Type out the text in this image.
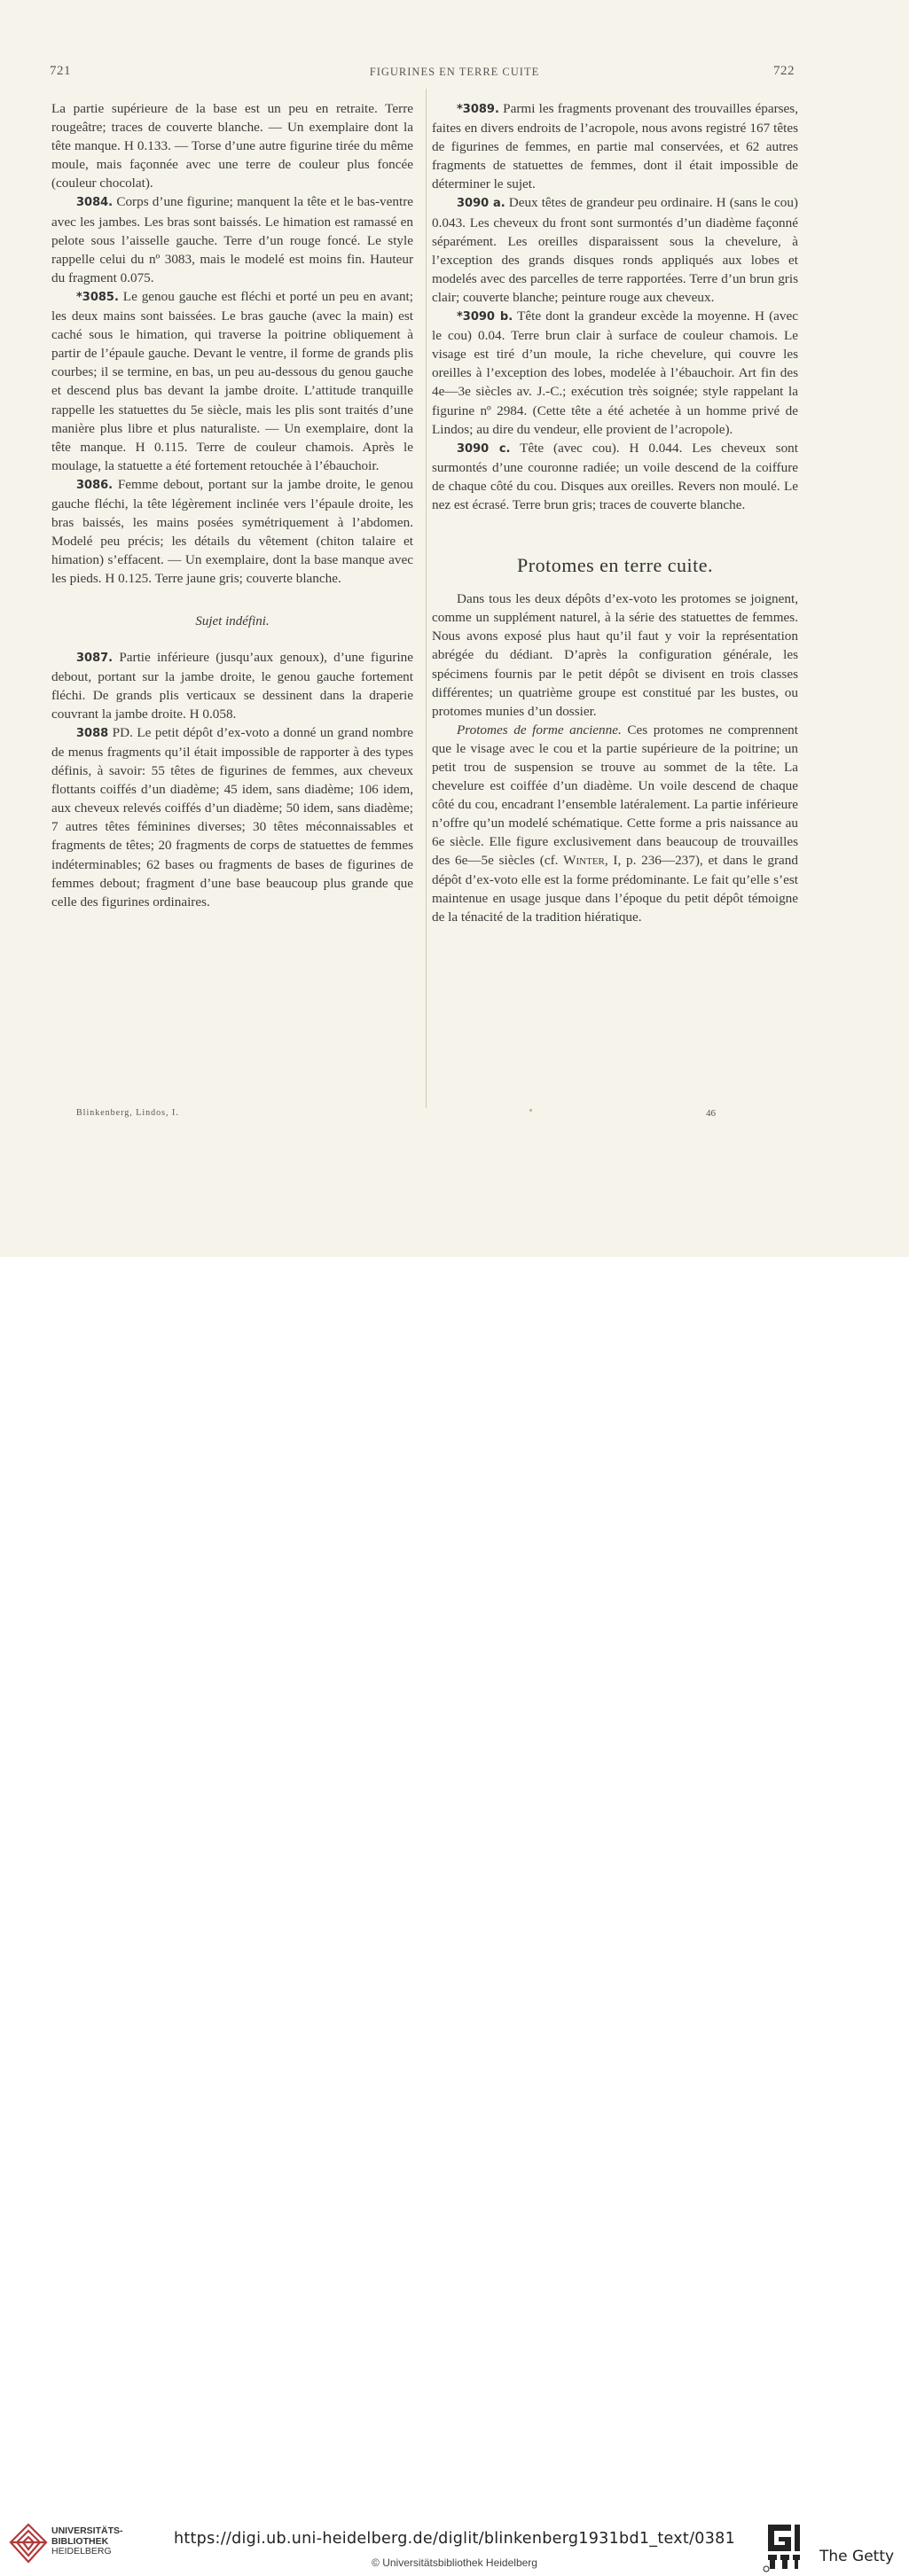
721	FIGURINES EN TERRE CUITE	722

La partie supérieure de la base est un peu en retraite. Terre rougeâtre; traces de couverte blanche. — Un exemplaire dont la tête manque. H 0.133. — Torse d’une autre figurine tirée du même moule, mais façonnée avec une terre de couleur plus foncée (couleur chocolat).

3084. Corps d’une figurine; manquent la tête et le bas-ventre avec les jambes. Les bras sont baissés. Le himation est ramassé en pelote sous l’aisselle gauche. Terre d’un rouge foncé. Le style rappelle celui du nº 3083, mais le modelé est moins fin. Hauteur du fragment 0.075.

*3085. Le genou gauche est fléchi et porté un peu en avant; les deux mains sont baissées. Le bras gauche (avec la main) est caché sous le himation, qui traverse la poitrine obliquement à partir de l’épaule gauche. Devant le ventre, il forme de grands plis courbes; il se termine, en bas, un peu au-dessous du genou gauche et descend plus bas devant la jambe droite. L’attitude tranquille rappelle les statuettes du 5e siècle, mais les plis sont traités d’une manière plus libre et plus naturaliste. — Un exemplaire, dont la tête manque. H 0.115. Terre de couleur chamois. Après le moulage, la statuette a été fortement retouchée à l’ébauchoir.

3086. Femme debout, portant sur la jambe droite, le genou gauche fléchi, la tête légèrement inclinée vers l’épaule droite, les bras baissés, les mains posées symétriquement à l’abdomen. Modelé peu précis; les détails du vêtement (chiton talaire et himation) s’effacent. — Un exemplaire, dont la base manque avec les pieds. H 0.125. Terre jaune gris; couverte blanche.

Sujet indéfini.

3087. Partie inférieure (jusqu’aux genoux), d’une figurine debout, portant sur la jambe droite, le genou gauche fortement fléchi. De grands plis verticaux se dessinent dans la draperie couvrant la jambe droite. H 0.058.

3088 PD. Le petit dépôt d’ex-voto a donné un grand nombre de menus fragments qu’il était impossible de rapporter à des types définis, à savoir: 55 têtes de figurines de femmes, aux cheveux flottants coiffés d’un diadème; 45 idem, sans diadème; 106 idem, aux cheveux relevés coiffés d’un diadème; 50 idem, sans diadème; 7 autres têtes féminines diverses; 30 têtes méconnaissables et fragments de têtes; 20 fragments de corps de statuettes de femmes indéterminables; 62 bases ou fragments de bases de figurines de femmes debout; fragment d’une base beaucoup plus grande que celle des figurines ordinaires.

*3089. Parmi les fragments provenant des trouvailles éparses, faites en divers endroits de l’acropole, nous avons registré 167 têtes de figurines de femmes, en partie mal conservées, et 62 autres fragments de statuettes de femmes, dont il était impossible de déterminer le sujet.

3090 a. Deux têtes de grandeur peu ordinaire. H (sans le cou) 0.043. Les cheveux du front sont surmontés d’un diadème façonné séparément. Les oreilles disparaissent sous la chevelure, à l’exception des grands disques ronds appliqués aux lobes et modelés avec des parcelles de terre rapportées. Terre d’un brun gris clair; couverte blanche; peinture rouge aux cheveux.

*3090 b. Tête dont la grandeur excède la moyenne. H (avec le cou) 0.04. Terre brun clair à surface de couleur chamois. Le visage est tiré d’un moule, la riche chevelure, qui couvre les oreilles à l’exception des lobes, modelée à l’ébauchoir. Art fin des 4e—3e siècles av. J.-C.; exécution très soignée; style rappelant la figurine nº 2984. (Cette tête a été achetée à un homme privé de Lindos; au dire du vendeur, elle provient de l’acropole).

3090 c. Tête (avec cou). H 0.044. Les cheveux sont surmontés d’une couronne radiée; un voile descend de la coiffure de chaque côté du cou. Disques aux oreilles. Revers non moulé. Le nez est écrasé. Terre brun gris; traces de couverte blanche.

Protomes en terre cuite.

Dans tous les deux dépôts d’ex-voto les protomes se joignent, comme un supplément naturel, à la série des statuettes de femmes. Nous avons exposé plus haut qu’il faut y voir la représentation abrégée du dédiant. D’après la configuration générale, les spécimens fournis par le petit dépôt se divisent en trois classes différentes; un quatrième groupe est constitué par les bustes, ou protomes munies d’un dossier.

Protomes de forme ancienne. Ces protomes ne comprennent que le visage avec le cou et la partie supérieure de la poitrine; un petit trou de suspension se trouve au sommet de la tête. La chevelure est coiffée d’un diadème. Un voile descend de chaque côté du cou, encadrant l’ensemble latéralement. La partie inférieure n’offre qu’un modelé schématique. Cette forme a pris naissance au 6e siècle. Elle figure exclusivement dans beaucoup de trouvailles des 6e—5e siècles (cf. Winter, I, p. 236—237), et dans le grand dépôt d’ex-voto elle est la forme prédominante. Le fait qu’elle s’est maintenue en usage jusque dans l’époque du petit dépôt témoigne de la ténacité de la tradition hiératique.

Blinkenberg, Lindos, I.	46
UNIVERSITÄTS-
BIBLIOTHEK
HEIDELBERG
https://digi.ub.uni-heidelberg.de/diglit/blinkenberg1931bd1_text/0381
© Universitätsbibliothek Heidelberg	The Getty
